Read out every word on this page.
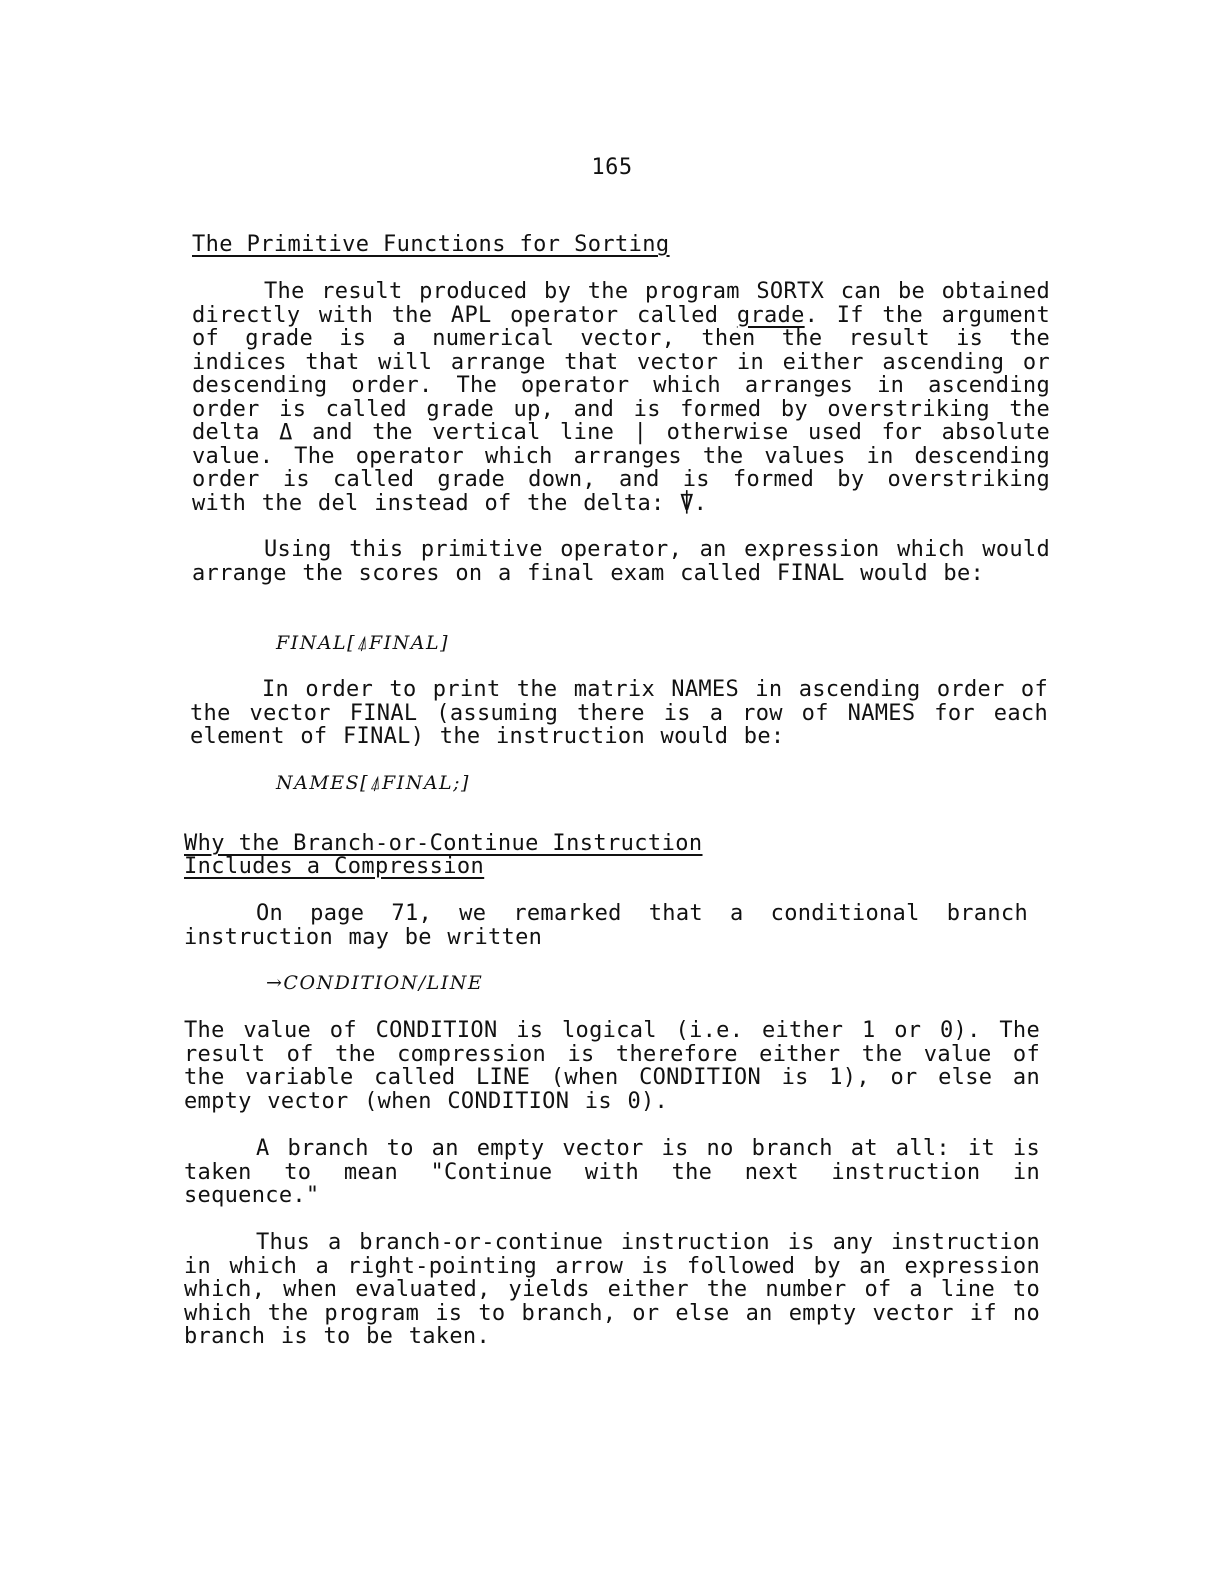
165
The Primitive Functions for Sorting
The result produced by the program SORTX can be obtained directly with the APL operator called grade. If the argument of grade is a numerical vector, then the result is the indices that will arrange that vector in either ascending or descending order. The operator which arranges in ascending order is called grade up, and is formed by overstriking the delta Δ and the vertical line | otherwise used for absolute value. The operator which arranges the values in descending order is called grade down, and is formed by overstriking with the del instead of the delta: ⍒.
Using this primitive operator, an expression which would arrange the scores on a final exam called FINAL would be:
FINAL[⍋FINAL]
In order to print the matrix NAMES in ascending order of the vector FINAL (assuming there is a row of NAMES for each element of FINAL) the instruction would be:
NAMES[⍋FINAL;]
Why the Branch-or-Continue Instruction
Includes a Compression
On page 71, we remarked that a conditional branch instruction may be written
→CONDITION/LINE
The value of CONDITION is logical (i.e. either 1 or 0). The result of the compression is therefore either the value of the variable called LINE (when CONDITION is 1), or else an empty vector (when CONDITION is 0).
A branch to an empty vector is no branch at all: it is taken to mean "Continue with the next instruction in sequence."
Thus a branch-or-continue instruction is any instruction in which a right-pointing arrow is followed by an expression which, when evaluated, yields either the number of a line to which the program is to branch, or else an empty vector if no branch is to be taken.
